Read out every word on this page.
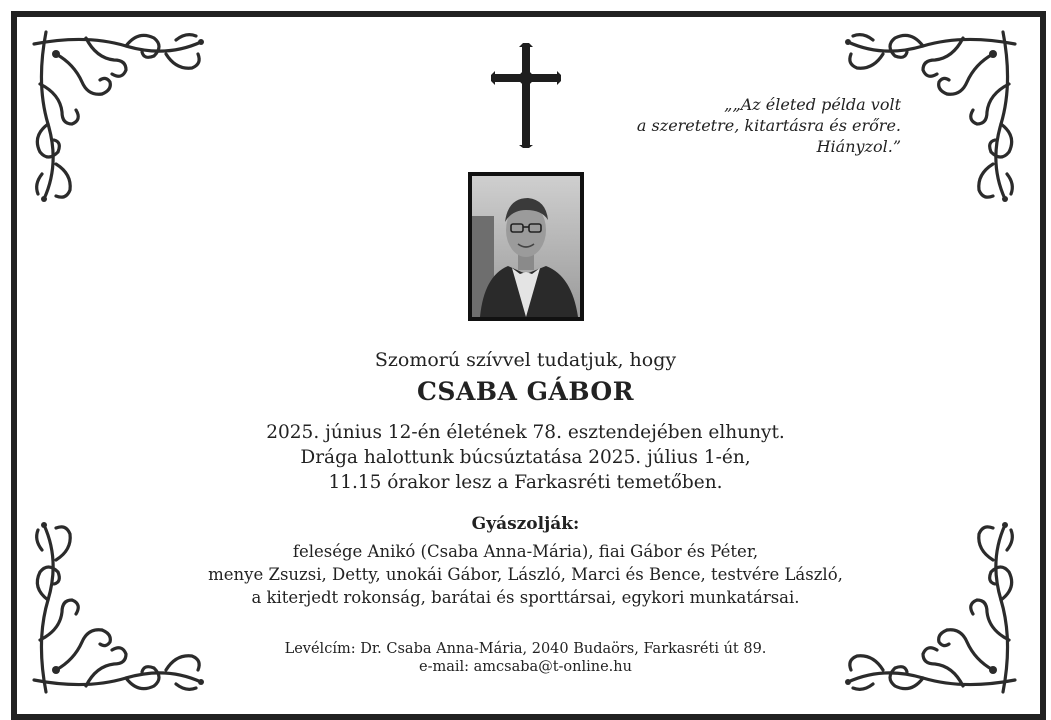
„„Az életed példa volt
a szeretetre, kitartásra és erőre.
Hiányzol.”
Szomorú szívvel tudatjuk, hogy
CSABA GÁBOR
2025. június 12-én életének 78. esztendejében elhunyt.
Drága halottunk búcsúztatása 2025. július 1-én,
11.15 órakor lesz a Farkasréti temetőben.
Gyászolják:
felesége Anikó (Csaba Anna-Mária), fiai Gábor és Péter,
menye Zsuzsi, Detty, unokái Gábor, László, Marci és Bence, testvére László,
a kiterjedt rokonság, barátai és sporttársai, egykori munkatársai.
Levélcím: Dr. Csaba Anna-Mária, 2040 Budaörs, Farkasréti út 89.
e-mail: amcsaba@t-online.hu
